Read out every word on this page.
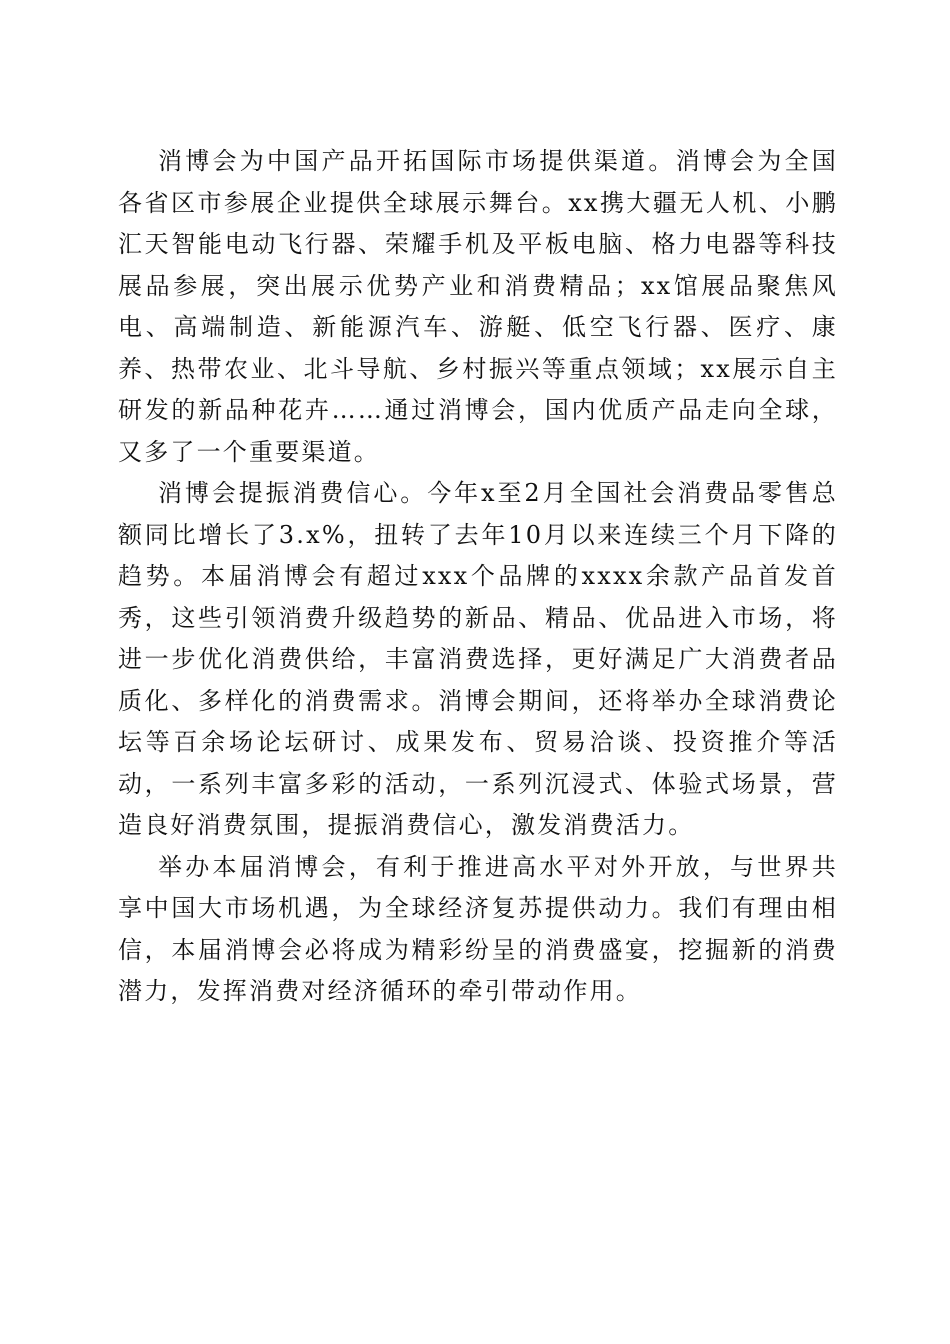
消博会为中国产品开拓国际市场提供渠道。消博会为全国各省区市参展企业提供全球展示舞台。xx携大疆无人机、小鹏汇天智能电动飞行器、荣耀手机及平板电脑、格力电器等科技展品参展，突出展示优势产业和消费精品；xx馆展品聚焦风电、高端制造、新能源汽车、游艇、低空飞行器、医疗、康养、热带农业、北斗导航、乡村振兴等重点领域；xx展示自主研发的新品种花卉……通过消博会，国内优质产品走向全球，又多了一个重要渠道。

消博会提振消费信心。今年x至2月全国社会消费品零售总额同比增长了3.x%，扭转了去年10月以来连续三个月下降的趋势。本届消博会有超过xxx个品牌的xxxx余款产品首发首秀，这些引领消费升级趋势的新品、精品、优品进入市场，将进一步优化消费供给，丰富消费选择，更好满足广大消费者品质化、多样化的消费需求。消博会期间，还将举办全球消费论坛等百余场论坛研讨、成果发布、贸易洽谈、投资推介等活动，一系列丰富多彩的活动，一系列沉浸式、体验式场景，营造良好消费氛围，提振消费信心，激发消费活力。

举办本届消博会，有利于推进高水平对外开放，与世界共享中国大市场机遇，为全球经济复苏提供动力。我们有理由相信，本届消博会必将成为精彩纷呈的消费盛宴，挖掘新的消费潜力，发挥消费对经济循环的牵引带动作用。
